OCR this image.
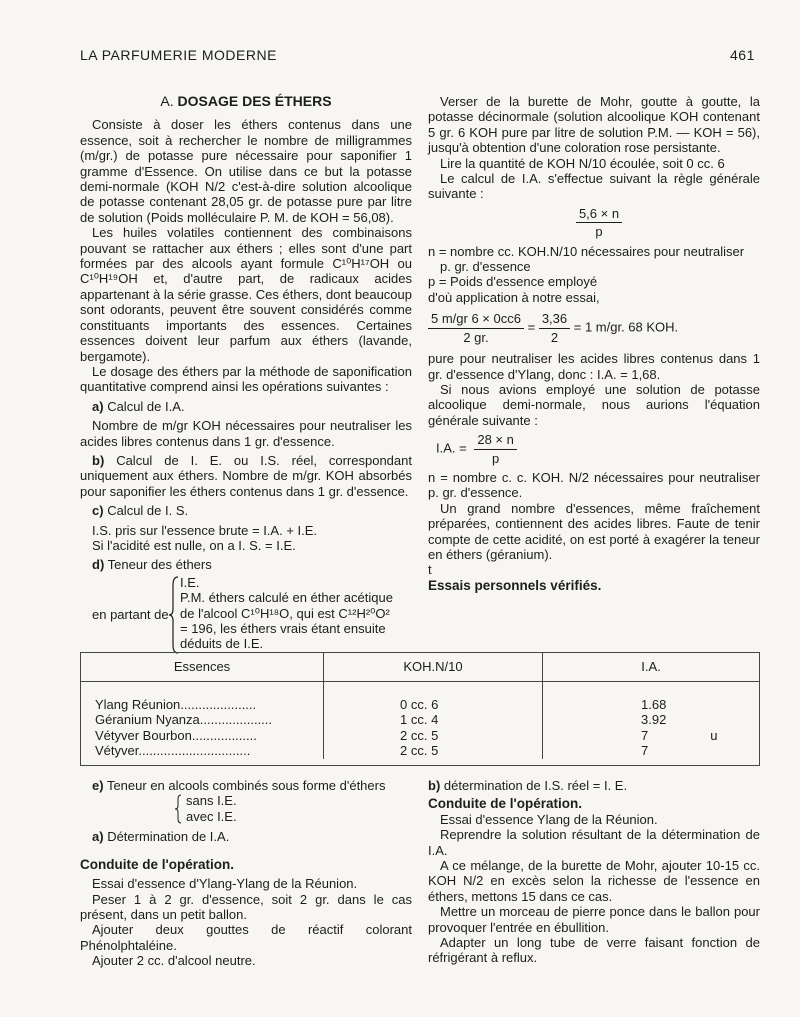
LA PARFUMERIE MODERNE	461
A. DOSAGE DES ÉTHERS

Consiste à doser les éthers contenus dans une essence, soit à rechercher le nombre de milligrammes (m/gr.) de potasse pure nécessaire pour saponifier 1 gramme d'Essence. On utilise dans ce but la potasse demi-normale (KOH N/2 c'est-à-dire solution alcoolique de potasse contenant 28,05 gr. de potasse pure par litre de solution (Poids molléculaire P. M. de KOH = 56,08).

Les huiles volatiles contiennent des combinaisons pouvant se rattacher aux éthers ; elles sont d'une part formées par des alcools ayant formule C¹⁰H¹⁷OH ou C¹⁰H¹⁹OH et, d'autre part, de radicaux acides appartenant à la série grasse. Ces éthers, dont beaucoup sont odorants, peuvent être souvent considérés comme constituants importants des essences. Certaines essences doivent leur parfum aux éthers (lavande, bergamote).

Le dosage des éthers par la méthode de saponification quantitative comprend ainsi les opérations suivantes :

a) Calcul de I.A.

Nombre de m/gr KOH nécessaires pour neutraliser les acides libres contenus dans 1 gr. d'essence.

b) Calcul de I. E. ou I.S. réel, correspondant uniquement aux éthers. Nombre de m/gr. KOH absorbés pour saponifier les éthers contenus dans 1 gr. d'essence.

c) Calcul de I. S.

I.S. pris sur l'essence brute = I.A. + I.E.

Si l'acidité est nulle, on a I. S. = I.E.

d) Teneur des éthers

en partant de

I.E.

P.M. éthers calculé en éther acétique

de l'alcool C¹⁰H¹⁸O, qui est C¹²H²⁰O²

= 196, les éthers vrais étant ensuite

déduits de I.E.

Verser de la burette de Mohr, goutte à goutte, la potasse décinormale (solution alcoolique KOH contenant 5 gr. 6 KOH pure par litre de solution P.M. — KOH = 56), jusqu'à obtention d'une coloration rose persistante.

Lire la quantité de KOH N/10 écoulée, soit 0 cc. 6

Le calcul de I.A. s'effectue suivant la règle générale suivante :

$\frac{5,6 \times n}{p}$

n = nombre cc. KOH.N/10 nécessaires pour neutraliser

p. gr. d'essence

p = Poids d'essence employé

d'où application à notre essai,

$\frac{5 m/gr 6 \times 0cc6}{2 gr.} = \frac{3,36}{2} = 1$ m/gr. 68 KOH.

pure pour neutraliser les acides libres contenus dans 1 gr. d'essence d'Ylang, donc : I.A. = 1,68.

Si nous avions employé une solution de potasse alcoolique demi-normale, nous aurions l'équation générale suivante :

I.A. = $\frac{28 \times n}{p}$

n = nombre c. c. KOH. N/2 nécessaires pour neutraliser p. gr. d'essence.

Un grand nombre d'essences, même fraîchement préparées, contiennent des acides libres. Faute de tenir compte de cette acidité, on est porté à exagérer la teneur en éthers (géranium).

t

Essais personnels vérifiés.

Essences	KOH.N/10	I.A.

Ylang Réunion.....................	0 cc. 6	1.68
Géranium Nyanza....................	1 cc. 4	3.92
Vétyver Bourbon..................	2 cc. 5	7 u
Vétyver...............................	2 cc. 5	7

e) Teneur en alcools combinés sous forme d'éthers

sans I.E.

avec I.E.

a) Détermination de I.A.

Conduite de l'opération.

Essai d'essence d'Ylang-Ylang de la Réunion.

Peser 1 à 2 gr. d'essence, soit 2 gr. dans le cas présent, dans un petit ballon.

Ajouter deux gouttes de réactif colorant Phénolphtaléine.

Ajouter 2 cc. d'alcool neutre.

b) détermination de I.S. réel = I. E.

Conduite de l'opération.

Essai d'essence Ylang de la Réunion.

Reprendre la solution résultant de la détermination de I.A.

A ce mélange, de la burette de Mohr, ajouter 10-15 cc. KOH N/2 en excès selon la richesse de l'essence en éthers, mettons 15 dans ce cas.

Mettre un morceau de pierre ponce dans le ballon pour provoquer l'entrée en ébullition.

Adapter un long tube de verre faisant fonction de réfrigérant à reflux.
